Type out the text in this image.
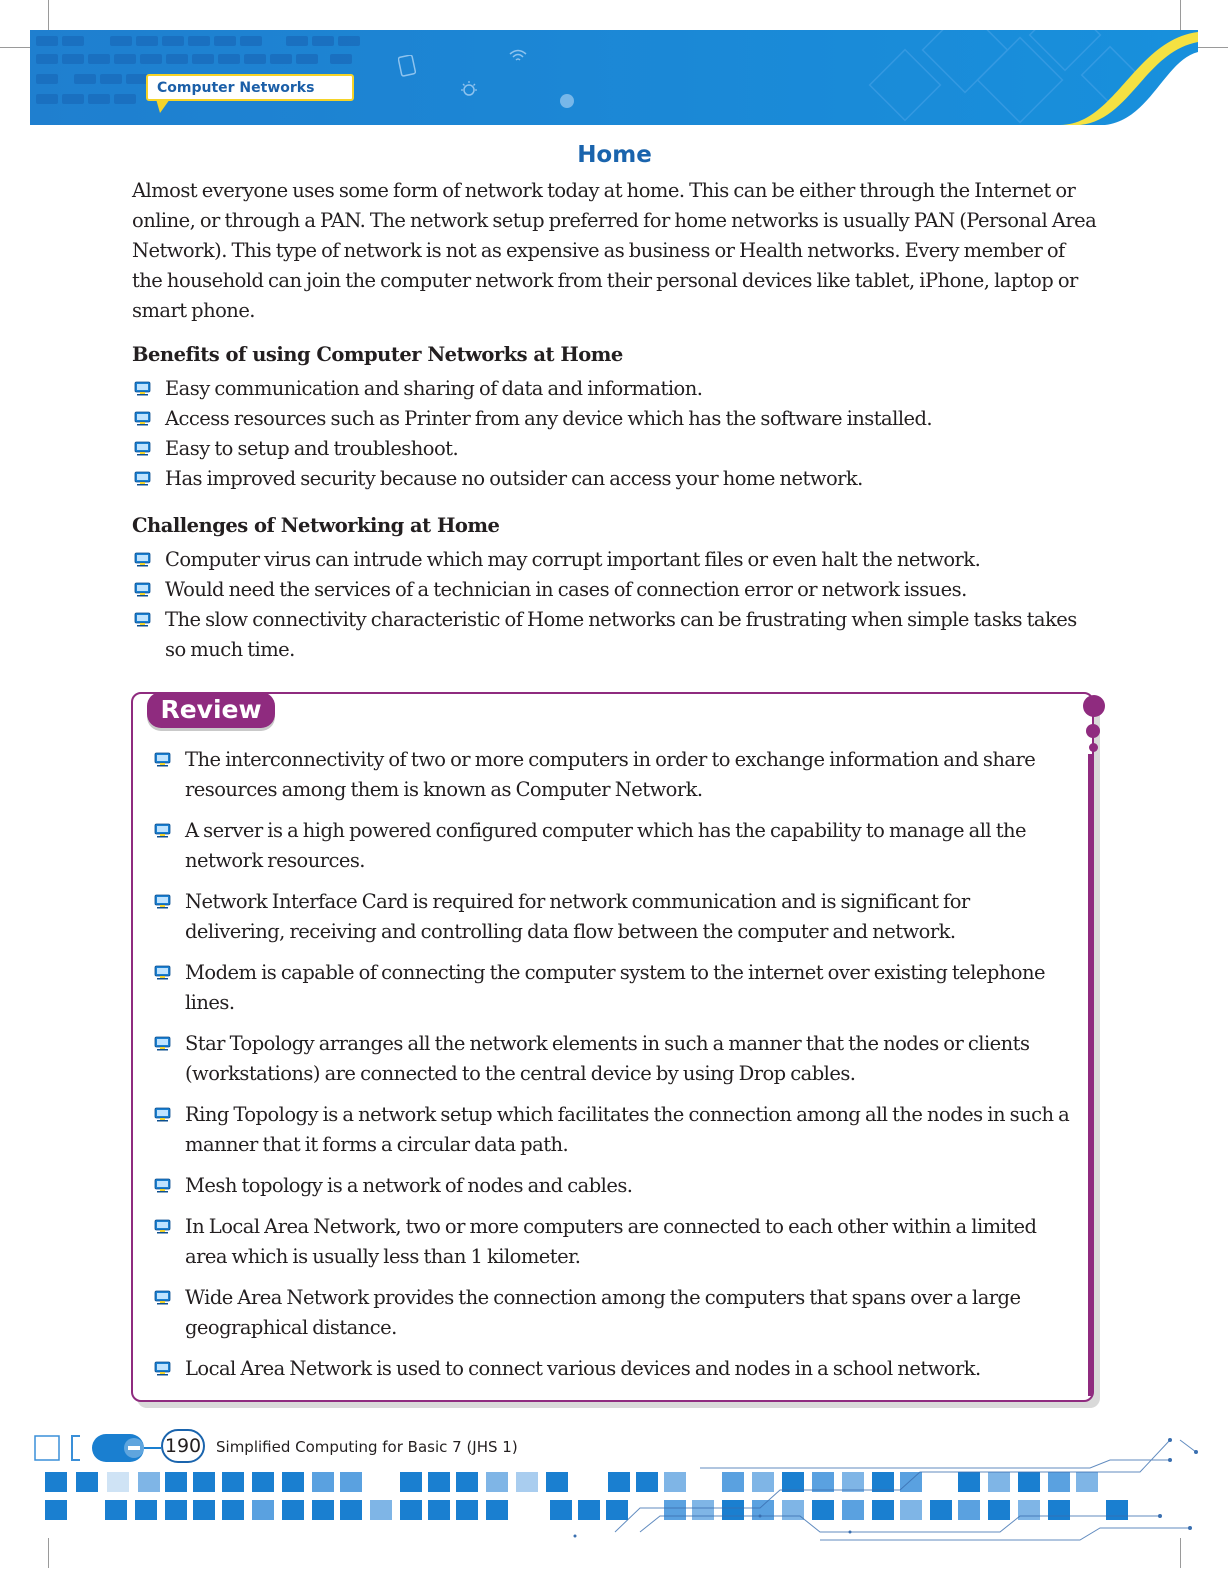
Computer Networks
Home

Almost everyone uses some form of network today at home. This can be either through the Internet or online, or through a PAN. The network setup preferred for home networks is usually PAN (Personal Area Network). This type of network is not as expensive as business or Health networks. Every member of the household can join the computer network from their personal devices like tablet, iPhone, laptop or smart phone.

Benefits of using Computer Networks at Home
Easy communication and sharing of data and information.
Access resources such as Printer from any device which has the software installed.
Easy to setup and troubleshoot.
Has improved security because no outsider can access your home network.
Challenges of Networking at Home
Computer virus can intrude which may corrupt important files or even halt the network.
Would need the services of a technician in cases of connection error or network issues.
The slow connectivity characteristic of Home networks can be frustrating when simple tasks takes so much time.
Review
The interconnectivity of two or more computers in order to exchange information and share resources among them is known as Computer Network.
A server is a high powered configured computer which has the capability to manage all the network resources.
Network Interface Card is required for network communication and is significant for delivering, receiving and controlling data flow between the computer and network.
Modem is capable of connecting the computer system to the internet over existing telephone lines.
Star Topology arranges all the network elements in such a manner that the nodes or clients (workstations) are connected to the central device by using Drop cables.
Ring Topology is a network setup which facilitates the connection among all the nodes in such a manner that it forms a circular data path.
Mesh topology is a network of nodes and cables.
In Local Area Network, two or more computers are connected to each other within a limited area which is usually less than 1 kilometer.
Wide Area Network provides the connection among the computers that spans over a large geographical distance.
Local Area Network is used to connect various devices and nodes in a school network.
190 Simplified Computing for Basic 7 (JHS 1)
